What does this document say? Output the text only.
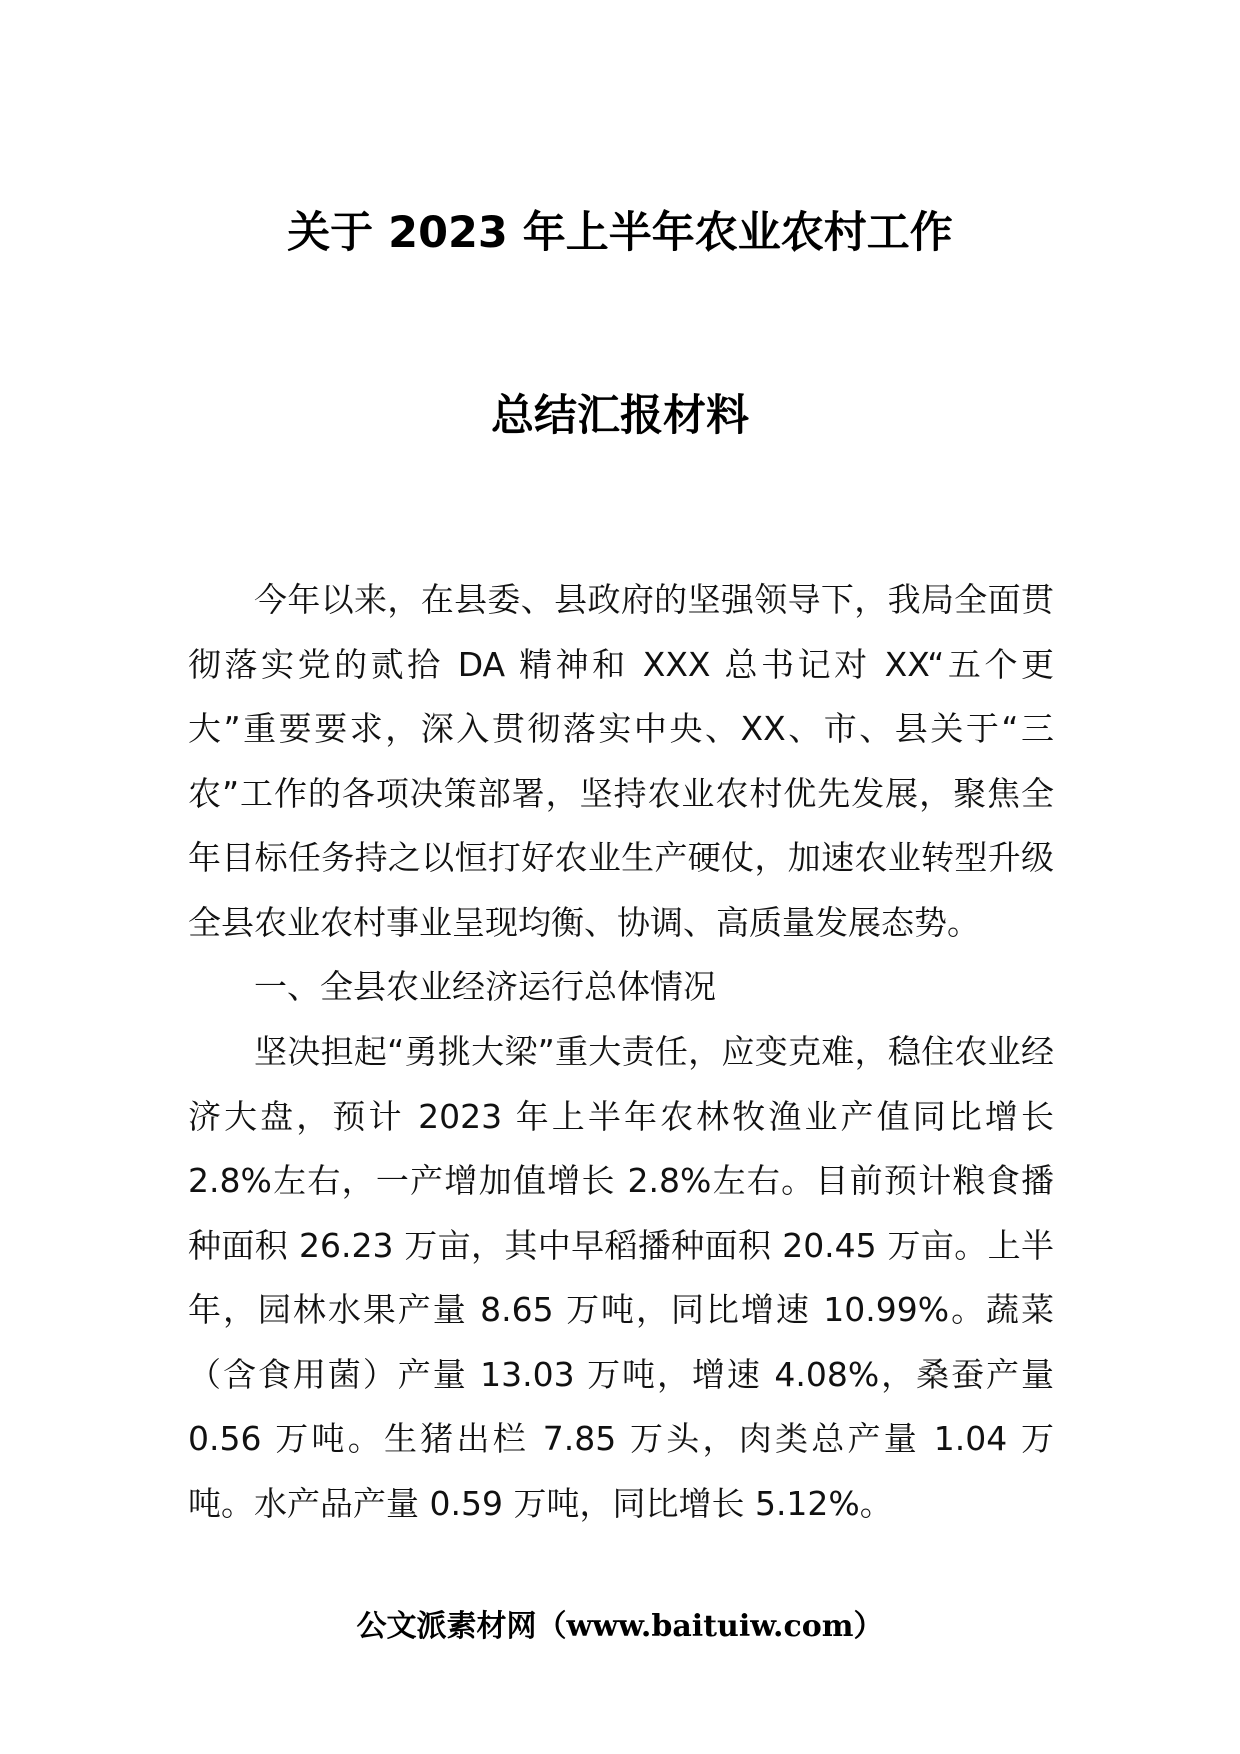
关于 2023 年上半年农业农村工作
总结汇报材料

今年以来，在县委、县政府的坚强领导下，我局全面贯彻落实党的贰拾 DA 精神和 XXX 总书记对 XX“五个更大”重要要求，深入贯彻落实中央、XX、市、县关于“三农”工作的各项决策部署，坚持农业农村优先发展，聚焦全年目标任务持之以恒打好农业生产硬仗，加速农业转型升级全县农业农村事业呈现均衡、协调、高质量发展态势。

一、全县农业经济运行总体情况

坚决担起“勇挑大梁”重大责任，应变克难，稳住农业经济大盘，预计 2023 年上半年农林牧渔业产值同比增长 2.8%左右，一产增加值增长 2.8%左右。目前预计粮食播种面积 26.23 万亩，其中早稻播种面积 20.45 万亩。上半年，园林水果产量 8.65 万吨，同比增速 10.99%。蔬菜（含食用菌）产量 13.03 万吨，增速 4.08%，桑蚕产量 0.56 万吨。生猪出栏 7.85 万头，肉类总产量 1.04 万吨。水产品产量 0.59 万吨，同比增长 5.12%。

公文派素材网（www.baituiw.com）
